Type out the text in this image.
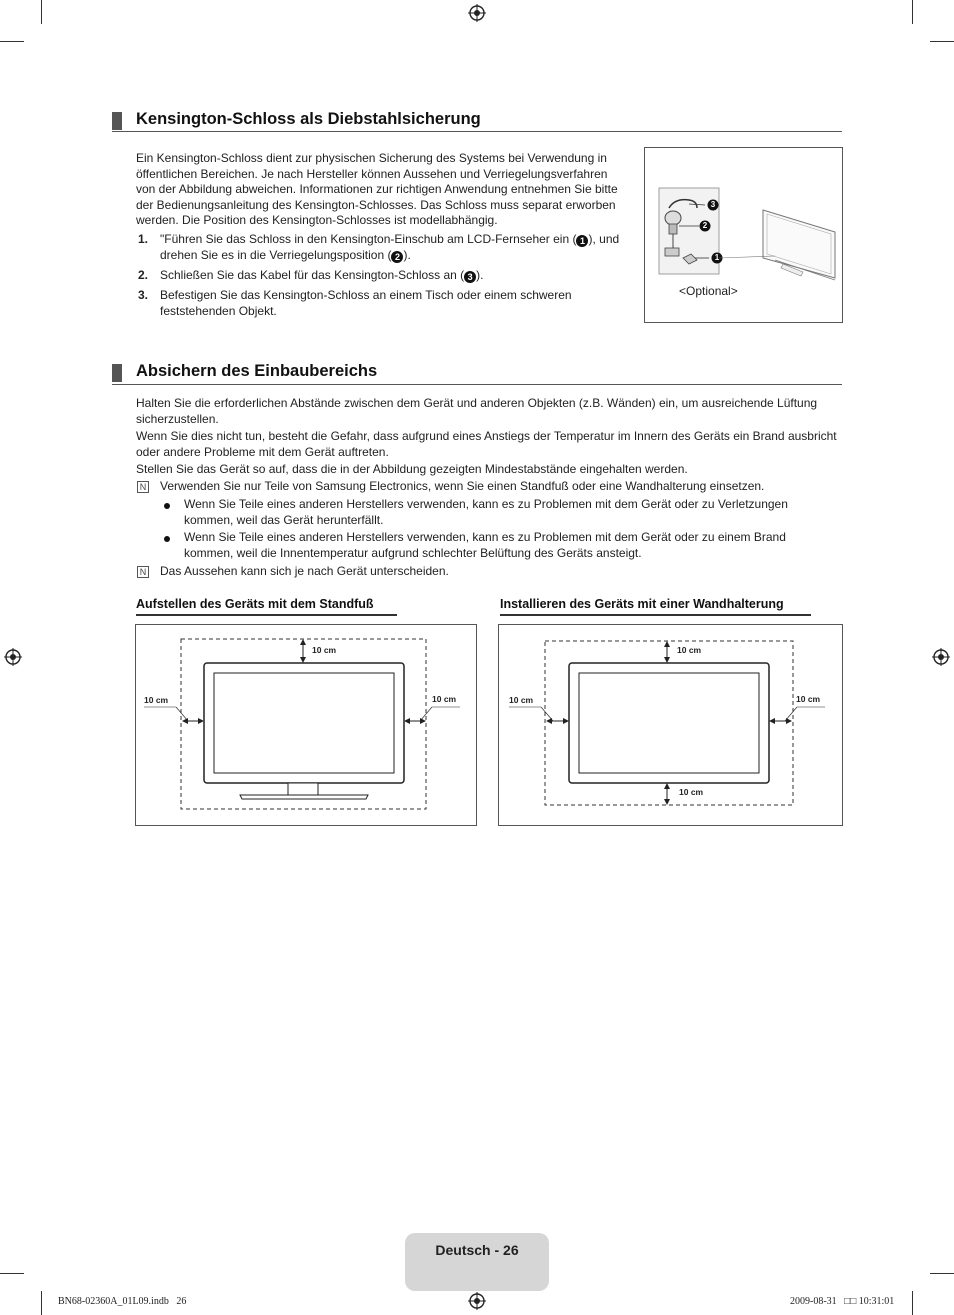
Kensington-Schloss als Diebstahlsicherung
Ein Kensington-Schloss dient zur physischen Sicherung des Systems bei Verwendung in öffentlichen Bereichen. Je nach Hersteller können Aussehen und Verriegelungsverfahren von der Abbildung abweichen. Informationen zur richtigen Anwendung entnehmen Sie bitte der Bedienungsanleitung des Kensington-Schlosses. Das Schloss muss separat erworben werden. Die Position des Kensington-Schlosses ist modellabhängig.
1. "Führen Sie das Schloss in den Kensington-Einschub am LCD-Fernseher ein ( 1 ), und drehen Sie es in die Verriegelungsposition ( 2 ).
2. Schließen Sie das Kabel für das Kensington-Schloss an ( 3 ).
3. Befestigen Sie das Kensington-Schloss an einem Tisch oder einem schweren feststehenden Objekt.
3
2
1
<Optional>
Absichern des Einbaubereichs
Halten Sie die erforderlichen Abstände zwischen dem Gerät und anderen Objekten (z.B. Wänden) ein, um ausreichende Lüftung sicherzustellen.
Wenn Sie dies nicht tun, besteht die Gefahr, dass aufgrund eines Anstiegs der Temperatur im Innern des Geräts ein Brand ausbricht oder andere Probleme mit dem Gerät auftreten.
Stellen Sie das Gerät so auf, dass die in der Abbildung gezeigten Mindestabstände eingehalten werden.
N Verwenden Sie nur Teile von Samsung Electronics, wenn Sie einen Standfuß oder eine Wandhalterung einsetzen.
Wenn Sie Teile eines anderen Herstellers verwenden, kann es zu Problemen mit dem Gerät oder zu Verletzungen kommen, weil das Gerät herunterfällt.
Wenn Sie Teile eines anderen Herstellers verwenden, kann es zu Problemen mit dem Gerät oder zu einem Brand kommen, weil die Innentemperatur aufgrund schlechter Belüftung des Geräts ansteigt.
N Das Aussehen kann sich je nach Gerät unterscheiden.
Aufstellen des Geräts mit dem Standfuß
10 cm
10 cm	10 cm
Installieren des Geräts mit einer Wandhalterung
10 cm
10 cm	10 cm
10 cm
Deutsch - 26
BN68-02360A_01L09.indb   26	2009-08-31   □□ 10:31:01
